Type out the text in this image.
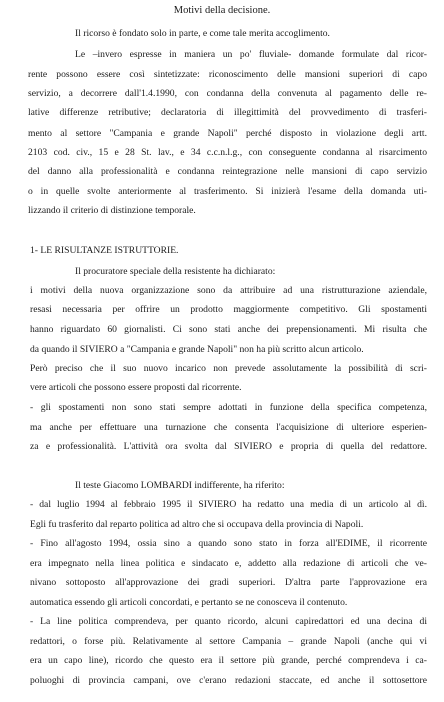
Motivi della decisione.
Il ricorso è fondato solo in parte, e come tale merita accoglimento.
Le –invero espresse in maniera un po' fluviale- domande formulate dal ricor-
rente possono essere così sintetizzate: riconoscimento delle mansioni superiori di capo
servizio, a decorrere dall'1.4.1990, con condanna della convenuta al pagamento delle re-
lative differenze retributive; declaratoria di illegittimità del provvedimento di trasferi-
mento al settore "Campania e grande Napoli" perché disposto in violazione degli artt.
2103 cod. civ., 15 e 28 St. lav., e 34 c.c.n.l.g., con conseguente condanna al risarcimento
del danno alla professionalità e condanna reintegrazione nelle mansioni di capo servizio
o in quelle svolte anteriormente al trasferimento. Si inizierà l'esame della domanda uti-
lizzando il criterio di distinzione temporale.
1- LE RISULTANZE ISTRUTTORIE.
Il procuratore speciale della resistente ha dichiarato:
i motivi della nuova organizzazione sono da attribuire ad una ristrutturazione aziendale,
resasi necessaria per offrire un prodotto maggiormente competitivo. Gli spostamenti
hanno riguardato 60 giornalisti. Ci sono stati anche dei prepensionamenti. Mi risulta che
da quando il SIVIERO a "Campania e grande Napoli" non ha più scritto alcun articolo.
Però preciso che il suo nuovo incarico non prevede assolutamente la possibilità di scri-
vere articoli che possono essere proposti dal ricorrente.
- gli spostamenti non sono stati sempre adottati in funzione della specifica competenza,
ma anche per effettuare una turnazione che consenta l'acquisizione di ulteriore esperien-
za e professionalità. L'attività ora svolta dal SIVIERO e propria di quella del redattore.
Il teste Giacomo LOMBARDI indifferente, ha riferito:
- dal luglio 1994 al febbraio 1995 il SIVIERO ha redatto una media di un articolo al dì.
Egli fu trasferito dal reparto politica ad altro che si occupava della provincia di Napoli.
- Fino all'agosto 1994, ossia sino a quando sono stato in forza all'EDIME, il ricorrente
era impegnato nella linea politica e sindacato e, addetto alla redazione di articoli che ve-
nivano sottoposto all'approvazione dei gradi superiori. D'altra parte l'approvazione era
automatica essendo gli articoli concordati, e pertanto se ne conosceva il contenuto.
- La line politica comprendeva, per quanto ricordo, alcuni capiredattori ed una decina di
redattori, o forse più. Relativamente al settore Campania – grande Napoli (anche qui vi
era un capo line), ricordo che questo era il settore più grande, perché comprendeva i ca-
poluoghi di provincia campani, ove c'erano redazioni staccate, ed anche il sottosettore
